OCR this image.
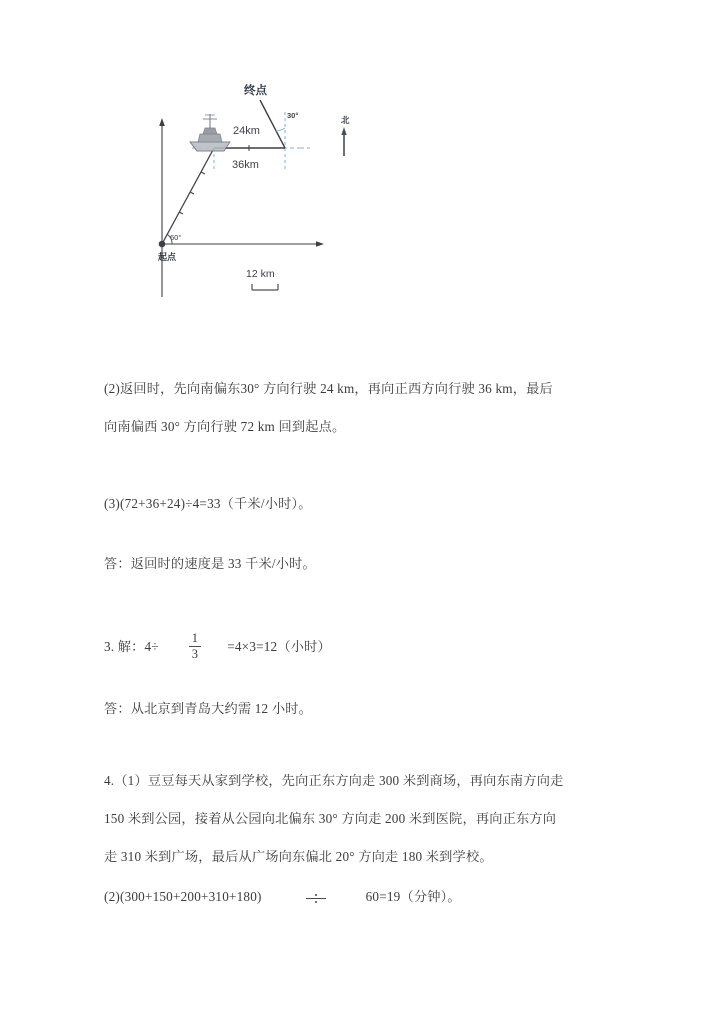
终点
24km
36km
30°
60°
起点
北
12 km
(2)返回时，先向南偏东30° 方向行驶 24 km，再向正西方向行驶 36 km，最后
向南偏西 30° 方向行驶 72 km 回到起点。
(3)(72+36+24)÷4=33（千米/小时）。
答：返回时的速度是 33 千米/小时。
3. 解：$4\div \frac{1}{3} =4\times 3=12$（小时）
答：从北京到青岛大约需 12 小时。
4.（1）豆豆每天从家到学校，先向正东方向走 300 米到商场，再向东南方向走
150 米到公园，接着从公园向北偏东 30° 方向走 200 米到医院，再向正东方向
走 310 米到广场，最后从广场向东偏北 20° 方向走 180 米到学校。
(2)(300+150+200+310+180)	60=19（分钟）。
